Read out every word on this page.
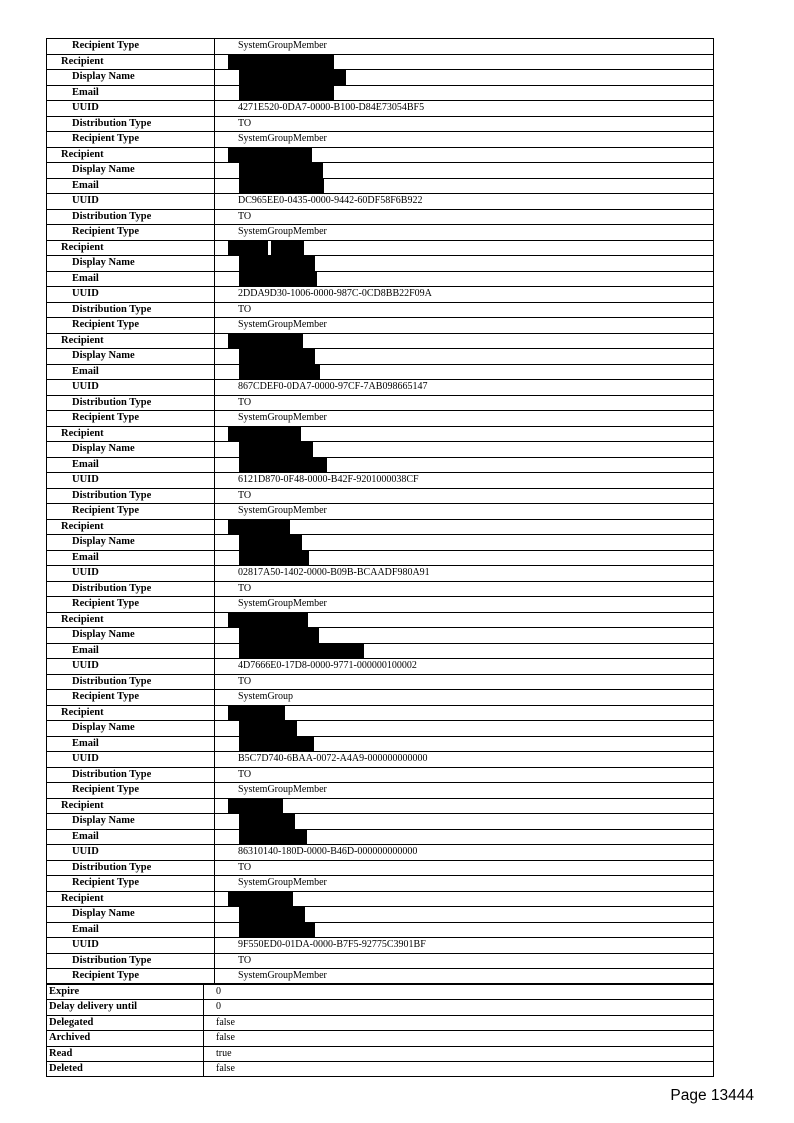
Recipient Type	SystemGroupMember
Recipient
Display Name
Email
UUID	4271E520-0DA7-0000-B100-D84E73054BF5
Distribution Type	TO
Recipient Type	SystemGroupMember
Recipient
Display Name
Email
UUID	DC965EE0-0435-0000-9442-60DF58F6B922
Distribution Type	TO
Recipient Type	SystemGroupMember
Recipient
Display Name
Email
UUID	2DDA9D30-1006-0000-987C-0CD8BB22F09A
Distribution Type	TO
Recipient Type	SystemGroupMember
Recipient
Display Name
Email
UUID	867CDEF0-0DA7-0000-97CF-7AB098665147
Distribution Type	TO
Recipient Type	SystemGroupMember
Recipient
Display Name
Email
UUID	6121D870-0F48-0000-B42F-9201000038CF
Distribution Type	TO
Recipient Type	SystemGroupMember
Recipient
Display Name
Email
UUID	02817A50-1402-0000-B09B-BCAADF980A91
Distribution Type	TO
Recipient Type	SystemGroupMember
Recipient
Display Name
Email
UUID	4D7666E0-17D8-0000-9771-000000100002
Distribution Type	TO
Recipient Type	SystemGroup
Recipient
Display Name
Email
UUID	B5C7D740-6BAA-0072-A4A9-000000000000
Distribution Type	TO
Recipient Type	SystemGroupMember
Recipient
Display Name
Email
UUID	86310140-180D-0000-B46D-000000000000
Distribution Type	TO
Recipient Type	SystemGroupMember
Recipient
Display Name
Email
UUID	9F550ED0-01DA-0000-B7F5-92775C3901BF
Distribution Type	TO
Recipient Type	SystemGroupMember
Expire	0
Delay delivery until	0
Delegated	false
Archived	false
Read	true
Deleted	false
Page 13444
